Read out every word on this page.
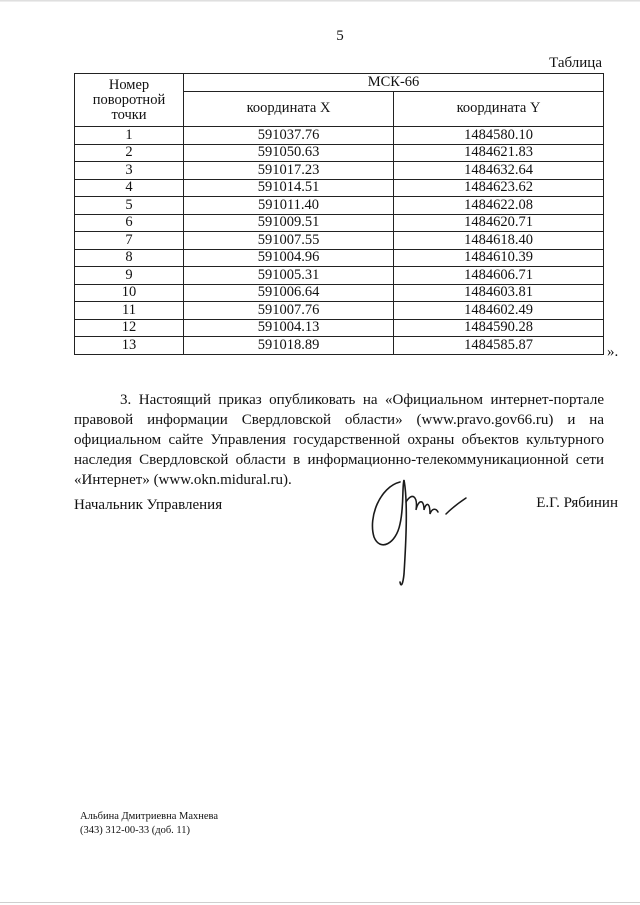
5
Таблица
Номер поворотной точки	МСК-66	
	координата X	координата Y
1	591037.76	1484580.10
2	591050.63	1484621.83
3	591017.23	1484632.64
4	591014.51	1484623.62
5	591011.40	1484622.08
6	591009.51	1484620.71
7	591007.55	1484618.40
8	591004.96	1484610.39
9	591005.31	1484606.71
10	591006.64	1484603.81
11	591007.76	1484602.49
12	591004.13	1484590.28
13	591018.89	1484585.87	».

3. Настоящий приказ опубликовать на «Официальном интернет-портале правовой информации Свердловской области» (www.pravo.gov66.ru) и на официальном сайте Управления государственной охраны объектов культурного наследия Свердловской области в информационно-телекоммуникационной сети «Интернет» (www.okn.midural.ru).

Начальник Управления	Е.Г. Рябинин
Альбина Дмитриевна Махнева
(343) 312-00-33 (доб. 11)
